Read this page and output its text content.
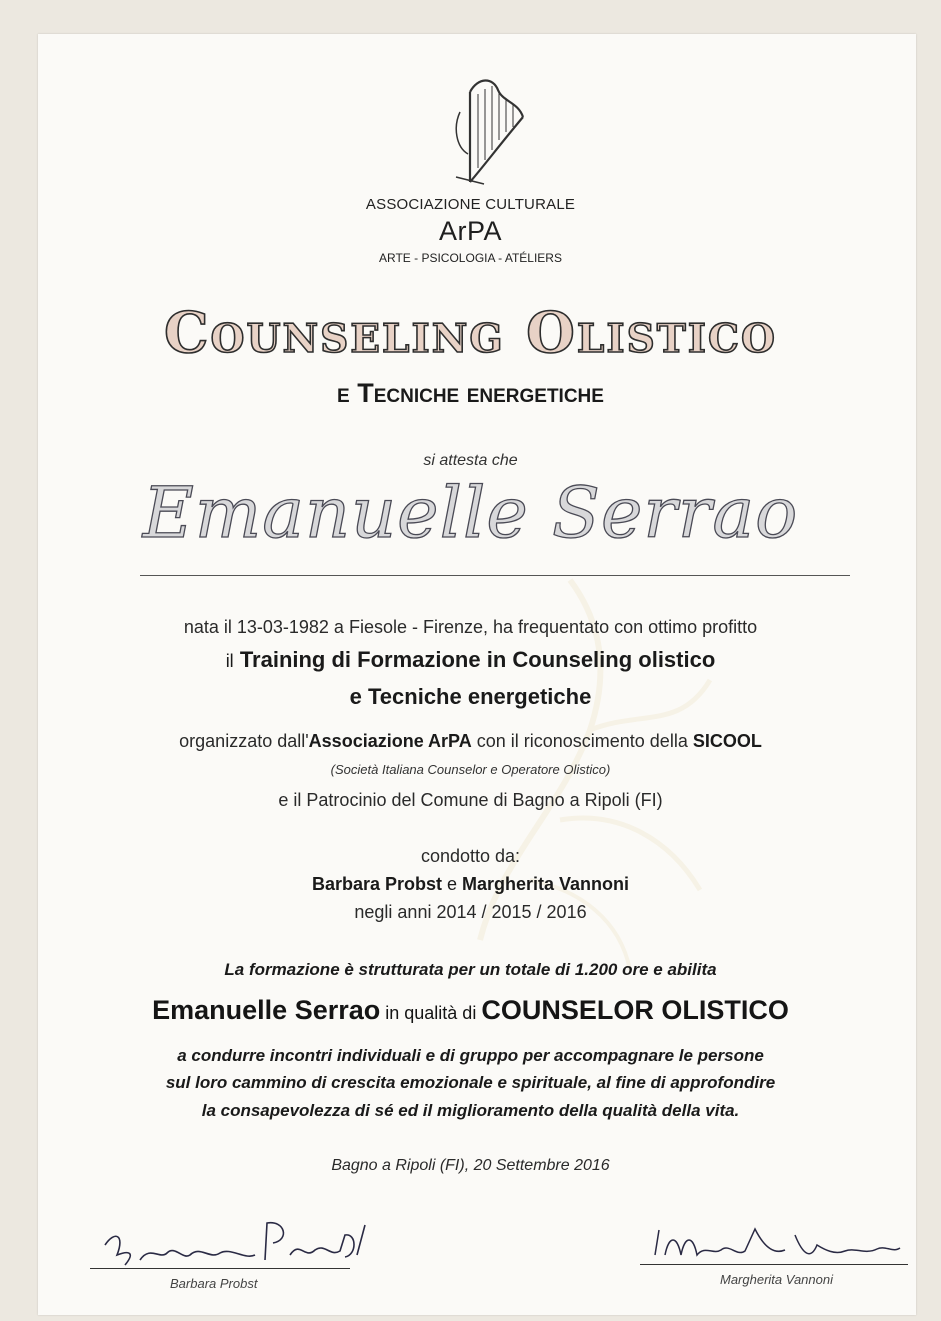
ASSOCIAZIONE CULTURALE
ArPA
ARTE - PSICOLOGIA - ATÉLIERS
Counseling Olistico
e Tecniche energetiche
si attesta che
Emanuelle Serrao
nata il 13-03-1982 a Fiesole - Firenze, ha frequentato con ottimo profitto
il Training di Formazione in Counseling olistico
e Tecniche energetiche
organizzato dall'Associazione ArPA con il riconoscimento della SICOOL
(Società Italiana Counselor e Operatore Olistico)
e il Patrocinio del Comune di Bagno a Ripoli (FI)
condotto da:
Barbara Probst e Margherita Vannoni
negli anni 2014 / 2015 / 2016
La formazione è strutturata per un totale di 1.200 ore e abilita
Emanuelle Serrao in qualità di COUNSELOR OLISTICO
a condurre incontri individuali e di gruppo per accompagnare le persone
sul loro cammino di crescita emozionale e spirituale, al fine di approfondire
la consapevolezza di sé ed il miglioramento della qualità della vita.
Bagno a Ripoli (FI), 20 Settembre 2016
Barbara Probst	Margherita Vannoni
